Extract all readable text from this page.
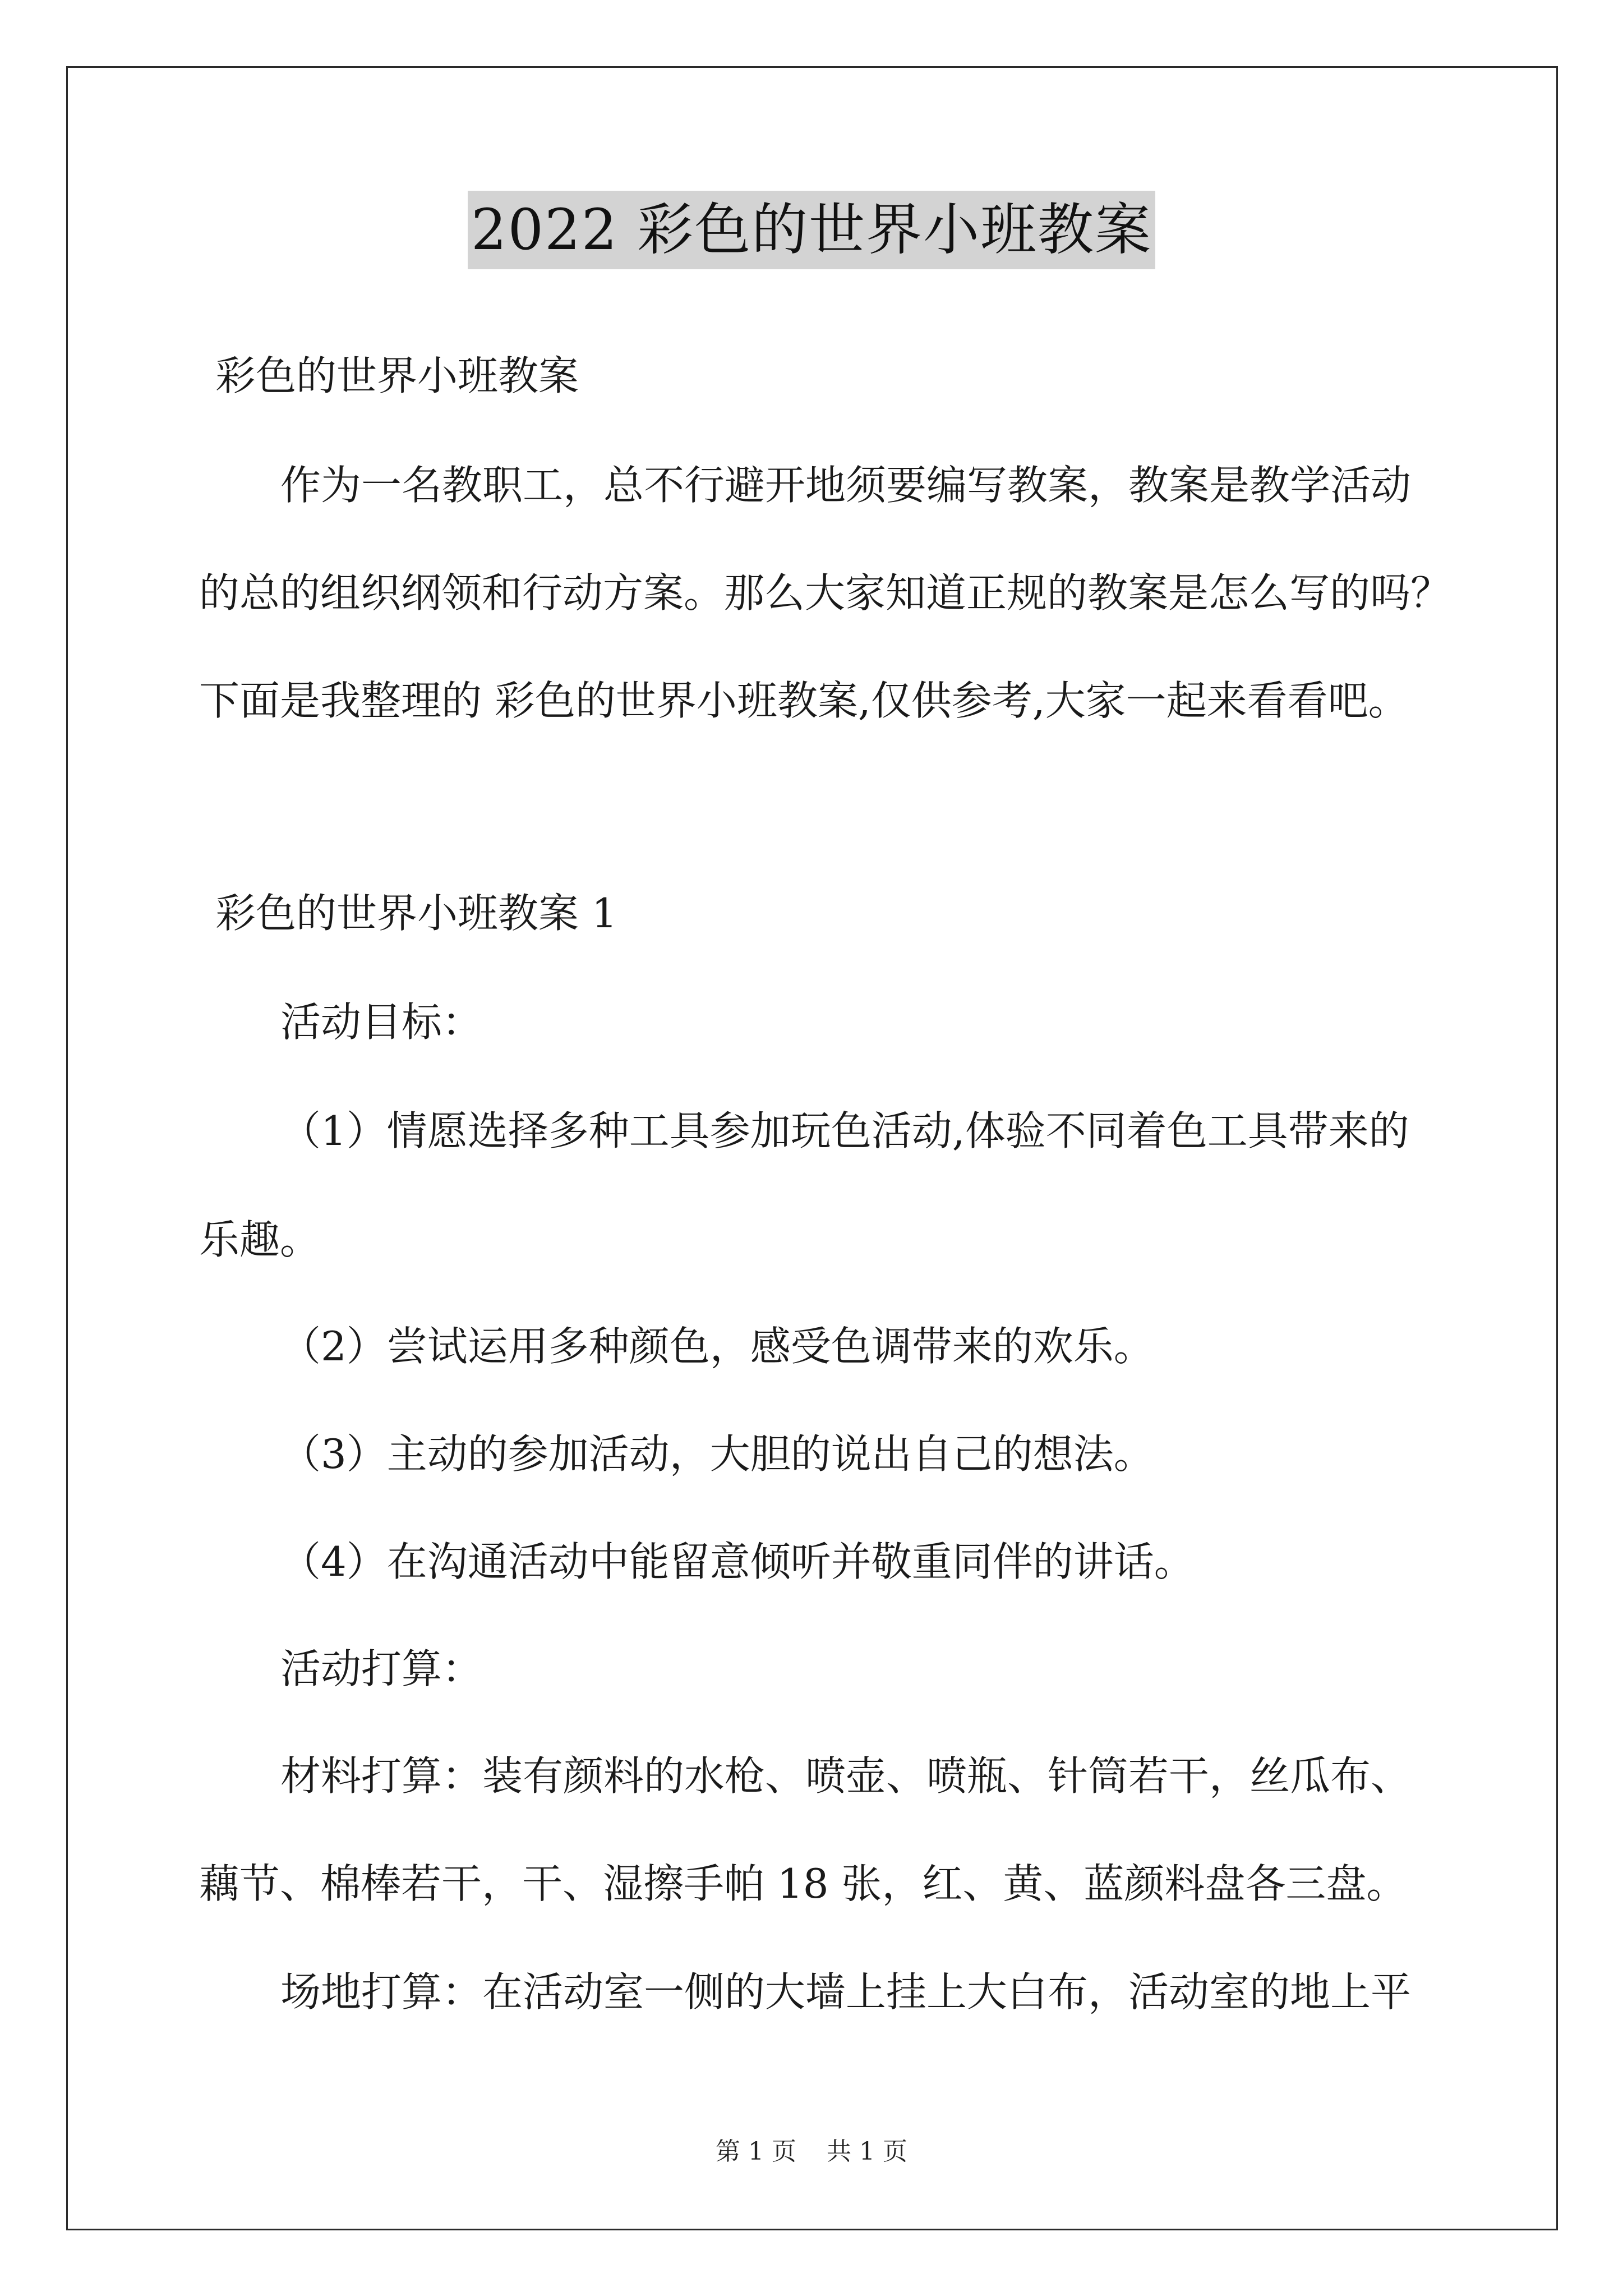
2022 彩色的世界小班教案
彩色的世界小班教案
作为一名教职工，总不行避开地须要编写教案，教案是教学活动
的总的组织纲领和行动方案。那么大家知道正规的教案是怎么写的吗？
下面是我整理的 彩色的世界小班教案,仅供参考,大家一起来看看吧。
彩色的世界小班教案 1
活动目标：
（1）情愿选择多种工具参加玩色活动,体验不同着色工具带来的
乐趣。
（2）尝试运用多种颜色，感受色调带来的欢乐。
（3）主动的参加活动，大胆的说出自己的想法。
（4）在沟通活动中能留意倾听并敬重同伴的讲话。
活动打算：
材料打算：装有颜料的水枪、喷壶、喷瓶、针筒若干，丝瓜布、
藕节、棉棒若干，干、湿擦手帕 18 张，红、黄、蓝颜料盘各三盘。
场地打算：在活动室一侧的大墙上挂上大白布，活动室的地上平
第 1 页 共 1 页
